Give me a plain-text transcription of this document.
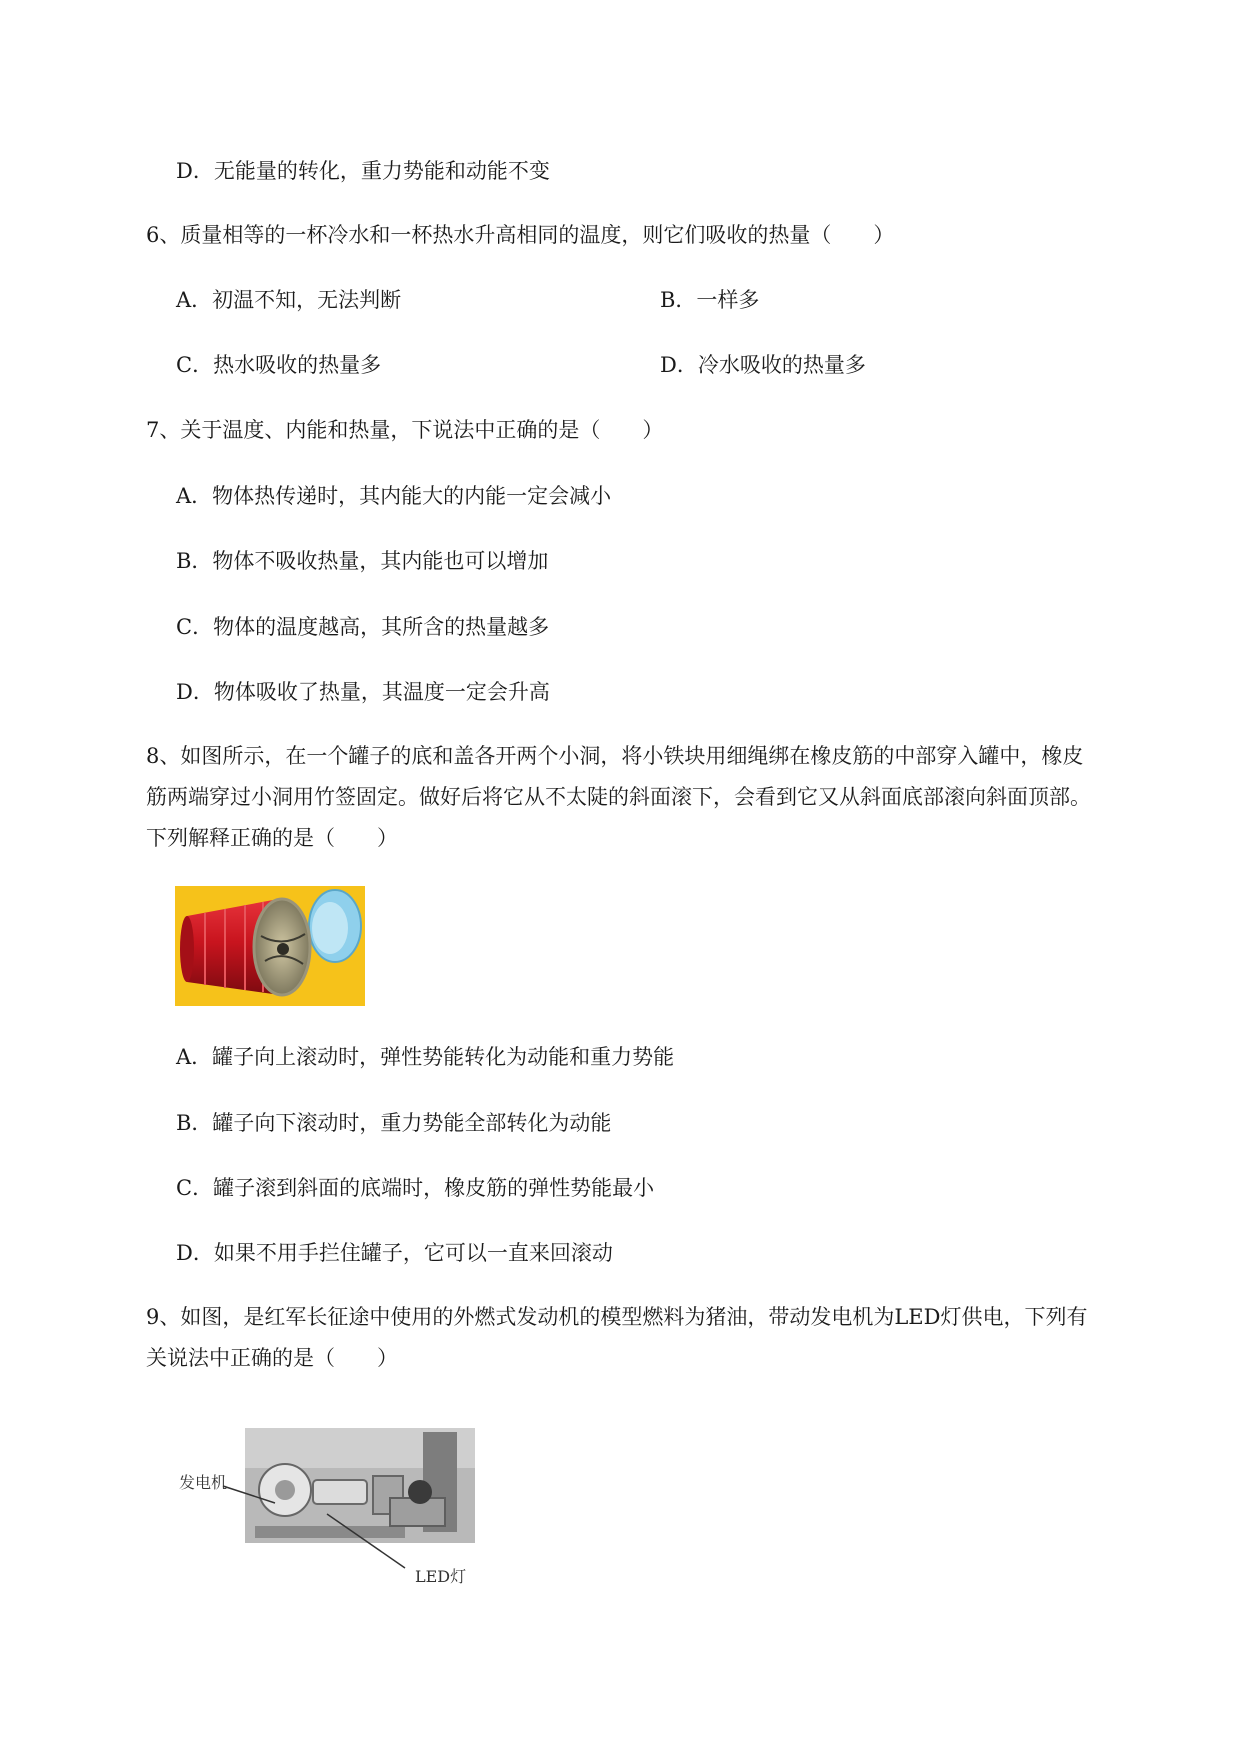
D．无能量的转化，重力势能和动能不变
6、质量相等的一杯冷水和一杯热水升高相同的温度，则它们吸收的热量（　　）
A．初温不知，无法判断	B．一样多
C．热水吸收的热量多	D．冷水吸收的热量多
7、关于温度、内能和热量，下说法中正确的是（　　）
A．物体热传递时，其内能大的内能一定会减小
B．物体不吸收热量，其内能也可以增加
C．物体的温度越高，其所含的热量越多
D．物体吸收了热量，其温度一定会升高
8、如图所示，在一个罐子的底和盖各开两个小洞，将小铁块用细绳绑在橡皮筋的中部穿入罐中，橡皮
筋两端穿过小洞用竹签固定。做好后将它从不太陡的斜面滚下，会看到它又从斜面底部滚向斜面顶部。
下列解释正确的是（　　）
A．罐子向上滚动时，弹性势能转化为动能和重力势能
B．罐子向下滚动时，重力势能全部转化为动能
C．罐子滚到斜面的底端时，橡皮筋的弹性势能最小
D．如果不用手拦住罐子，它可以一直来回滚动
9、如图，是红军长征途中使用的外燃式发动机的模型燃料为猪油，带动发电机为LED灯供电，下列有
关说法中正确的是（　　）
发电机
LED灯
